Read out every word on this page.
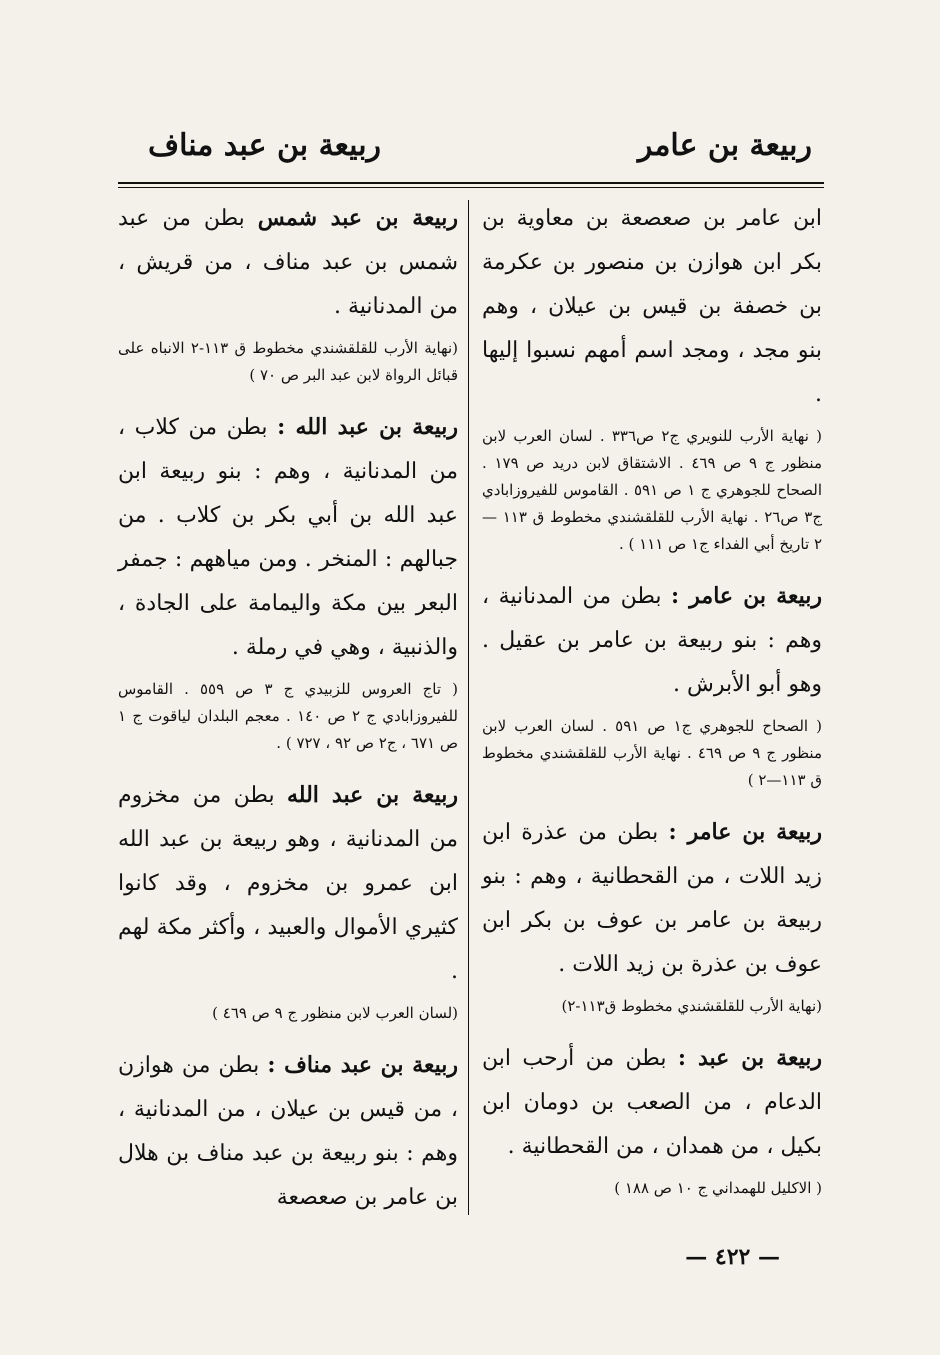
ربيعة بن عامر
ربيعة بن عبد مناف

ابن عامر بن صعصعة بن معاوية بن بكر ابن هوازن بن منصور بن عكرمة بن خصفة بن قيس بن عيلان ، وهم بنو مجد ، ومجد اسم أمهم نسبوا إليها .

( نهاية الأرب للنويري ج٢ ص٣٣٦ . لسان العرب لابن منظور ج ٩ ص ٤٦٩ . الاشتقاق لابن دريد ص ١٧٩ . الصحاح للجوهري ج ١ ص ٥٩١ . القاموس للفيروزابادي ج٣ ص٢٦ . نهاية الأرب للقلقشندي مخطوط ق ١١٣ — ٢ تاريخ أبي الفداء ج١ ص ١١١ ) .

ربيعة بن عامر : بطن من المدنانية ، وهم : بنو ربيعة بن عامر بن عقيل . وهو أبو الأبرش .

( الصحاح للجوهري ج١ ص ٥٩١ . لسان العرب لابن منظور ج ٩ ص ٤٦٩ . نهاية الأرب للقلقشندي مخطوط ق ١١٣—٢ )

ربيعة بن عامر : بطن من عذرة ابن زيد اللات ، من القحطانية ، وهم : بنو ربيعة بن عامر بن عوف بن بكر ابن عوف بن عذرة بن زيد اللات .

(نهاية الأرب للقلقشندي مخطوط ق١١٣-٢)

ربيعة بن عبد : بطن من أرحب ابن الدعام ، من الصعب بن دومان ابن بكيل ، من همدان ، من القحطانية .

( الاكليل للهمداني ج ١٠ ص ١٨٨ )

ربيعة بن عبد شمس بطن من عبد شمس بن عبد مناف ، من قريش ، من المدنانية .

(نهاية الأرب للقلقشندي مخطوط ق ١١٣-٢ الانباه على قبائل الرواة لابن عبد البر ص ٧٠ )

ربيعة بن عبد الله : بطن من كلاب ، من المدنانية ، وهم : بنو ربيعة ابن عبد الله بن أبي بكر بن كلاب . من جبالهم : المنخر . ومن مياههم : جمفر البعر بين مكة واليمامة على الجادة ، والذنبية ، وهي في رملة .

( تاج العروس للزبيدي ج ٣ ص ٥٥٩ . القاموس للفيروزابادي ج ٢ ص ١٤٠ . معجم البلدان لياقوت ج ١ ص ٦٧١ ، ج٢ ص ٩٢ ، ٧٢٧ ) .

ربيعة بن عبد الله بطن من مخزوم من المدنانية ، وهو ربيعة بن عبد الله ابن عمرو بن مخزوم ، وقد كانوا كثيري الأموال والعبيد ، وأكثر مكة لهم .

(لسان العرب لابن منظور ج ٩ ص ٤٦٩ )

ربيعة بن عبد مناف : بطن من هوازن ، من قيس بن عيلان ، من المدنانية ، وهم : بنو ربيعة بن عبد مناف بن هلال بن عامر بن صعصعة

— ٤٢٢ —
